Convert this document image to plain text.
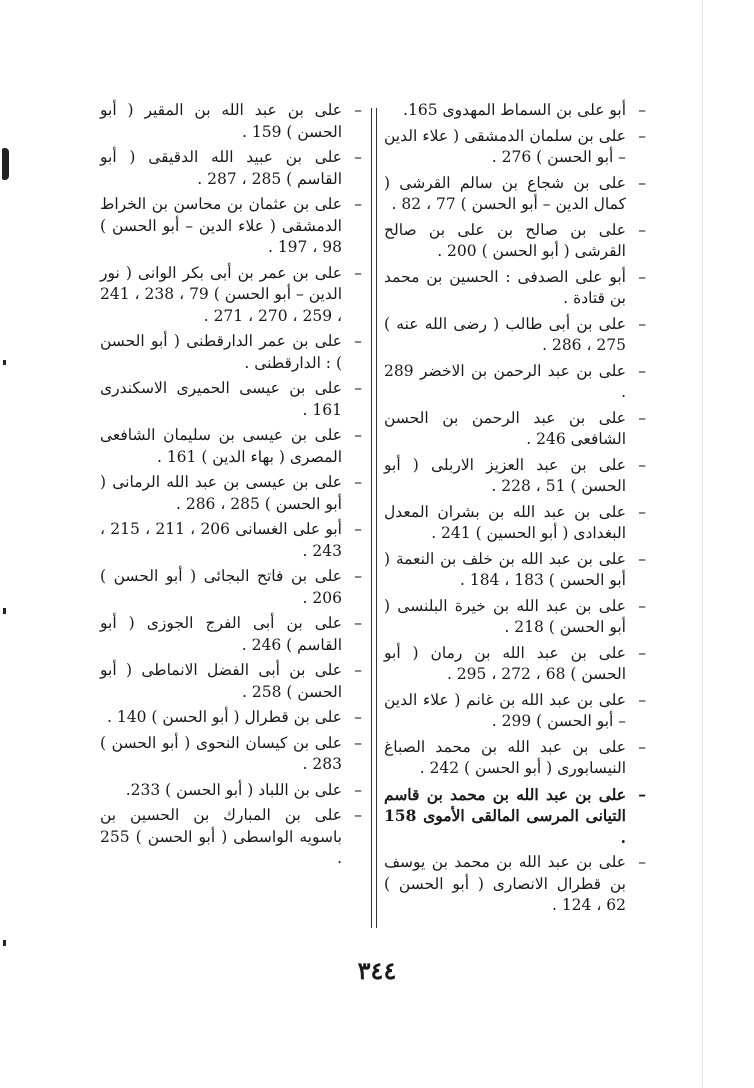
– أبو على بن السماط المهدوى 165.

– على بن سلمان الدمشقى ( علاء الدين – أبو الحسن ) 276 .

– على بن شجاع بن سالم القرشى ( كمال الدين – أبو الحسن ) 77 ، 82 .

– على بن صالح بن على بن صالح القرشى ( أبو الحسن ) 200 .

– أبو على الصدفى : الحسين بن محمد بن قتادة .

– على بن أبى طالب ( رضى الله عنه ) 275 ، 286 .

– على بن عبد الرحمن بن الاخضر 289 .

– على بن عبد الرحمن بن الحسن الشافعى 246 .

– على بن عبد العزيز الاربلى ( أبو الحسن ) 51 ، 228 .

– على بن عبد الله بن بشران المعدل البغدادى ( أبو الحسين ) 241 .

– على بن عبد الله بن خلف بن النعمة ( أبو الحسن ) 183 ، 184 .

– على بن عبد الله بن خيرة البلنسى ( أبو الحسن ) 218 .

– على بن عبد الله بن رمان ( أبو الحسن ) 68 ، 272 ، 295 .

– على بن عبد الله بن غانم ( علاء الدين – أبو الحسن ) 299 .

– على بن عبد الله بن محمد الصباغ النيسابورى ( أبو الحسن ) 242 .

– على بن عبد الله بن محمد بن قاسم التيانى المرسى المالقى الأموى 158 .

– على بن عبد الله بن محمد بن يوسف بن قطرال الانصارى ( أبو الحسن ) 62 ، 124 .

– على بن عبد الله بن المقير ( أبو الحسن ) 159 .

– على بن عبيد الله الدقيقى ( أبو القاسم ) 285 ، 287 .

– على بن عثمان بن محاسن بن الخراط الدمشقى ( علاء الدين – أبو الحسن ) 98 ، 197 .

– على بن عمر بن أبى بكر الوانى ( نور الدين – أبو الحسن ) 79 ، 238 ، 241 ، 259 ، 270 ، 271 .

– على بن عمر الدارقطنى ( أبو الحسن ) : الدارقطنى .

– على بن عيسى الحميرى الاسكندرى 161 .

– على بن عيسى بن سليمان الشافعى المصرى ( بهاء الدين ) 161 .

– على بن عيسى بن عبد الله الرمانى ( أبو الحسن ) 285 ، 286 .

– أبو على الغسانى 206 ، 211 ، 215 ، 243 .

– على بن فاتح البجائى ( أبو الحسن ) 206 .

– على بن أبى الفرج الجوزى ( أبو القاسم ) 246 .

– على بن أبى الفضل الانماطى ( أبو الحسن ) 258 .

– على بن قطرال ( أبو الحسن ) 140 .

– على بن كيسان النحوى ( أبو الحسن ) 283 .

– على بن اللباد ( أبو الحسن ) 233.

– على بن المبارك بن الحسين بن باسويه الواسطى ( أبو الحسن ) 255 .

٣٤٤
